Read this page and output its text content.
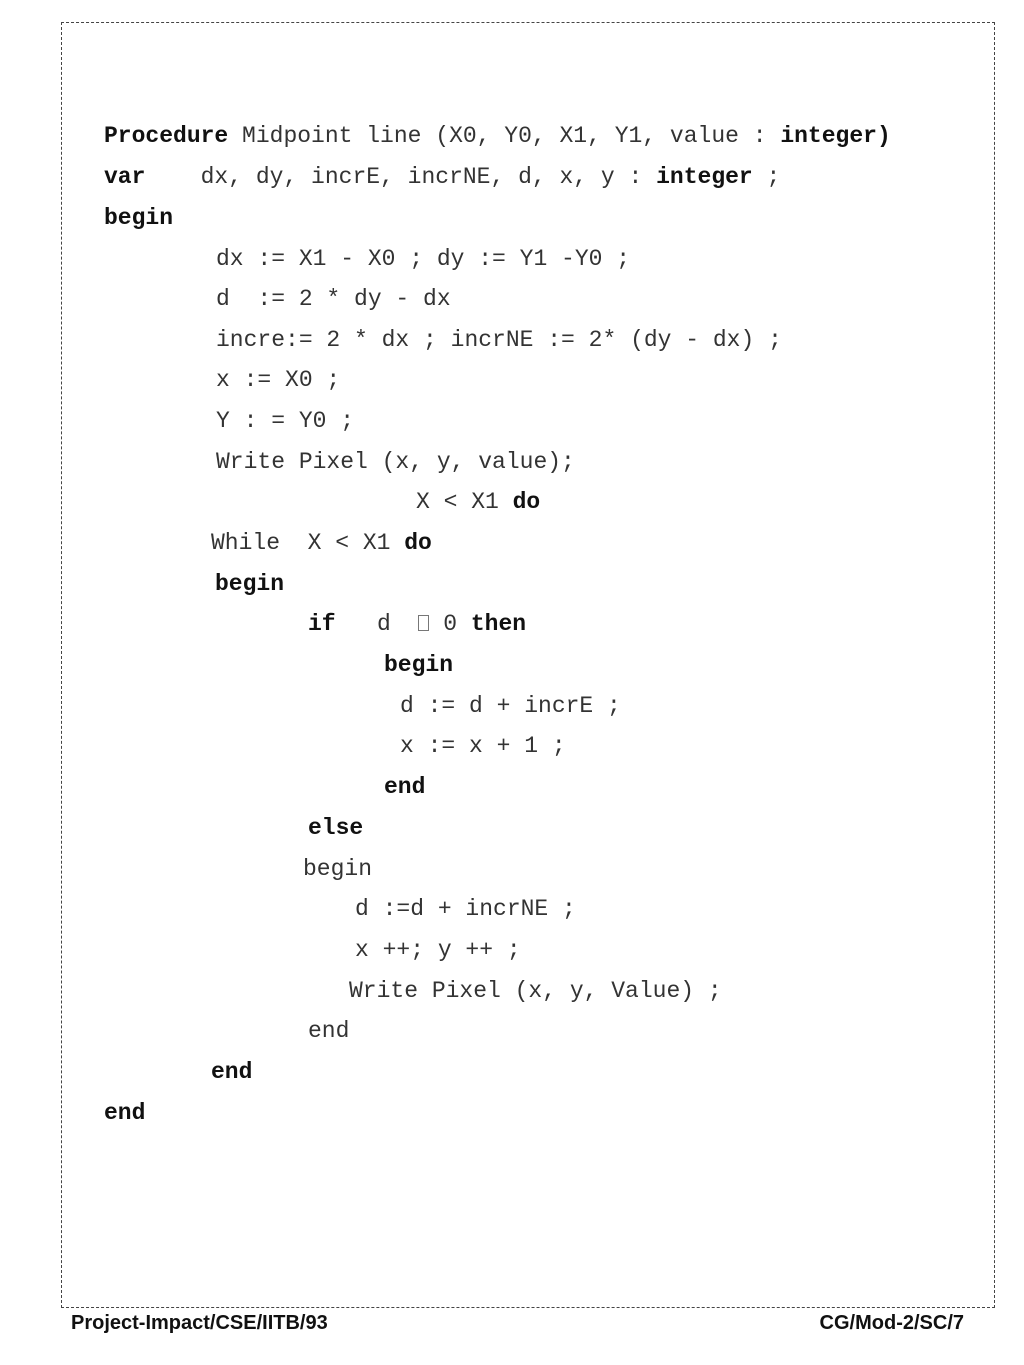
Procedure Midpoint line (X0, Y0, X1, Y1, value : integer)
var    dx, dy, incrE, incrNE, d, x, y : integer ;
begin
dx := X1 - X0 ; dy := Y1 -Y0 ;
d  := 2 * dy - dx
incre:= 2 * dx ; incrNE := 2* (dy - dx) ;
x := X0 ;
Y : = Y0 ;
Write Pixel (x, y, value);
X < X1 do
While  X < X1 do
begin
if   d   0 then
begin
d := d + incrE ;
x := x + 1 ;
end
else
begin
d :=d + incrNE ;
x ++; y ++ ;
Write Pixel (x, y, Value) ;
end
end
end
Project-Impact/CSE/IITB/93	CG/Mod-2/SC/7
